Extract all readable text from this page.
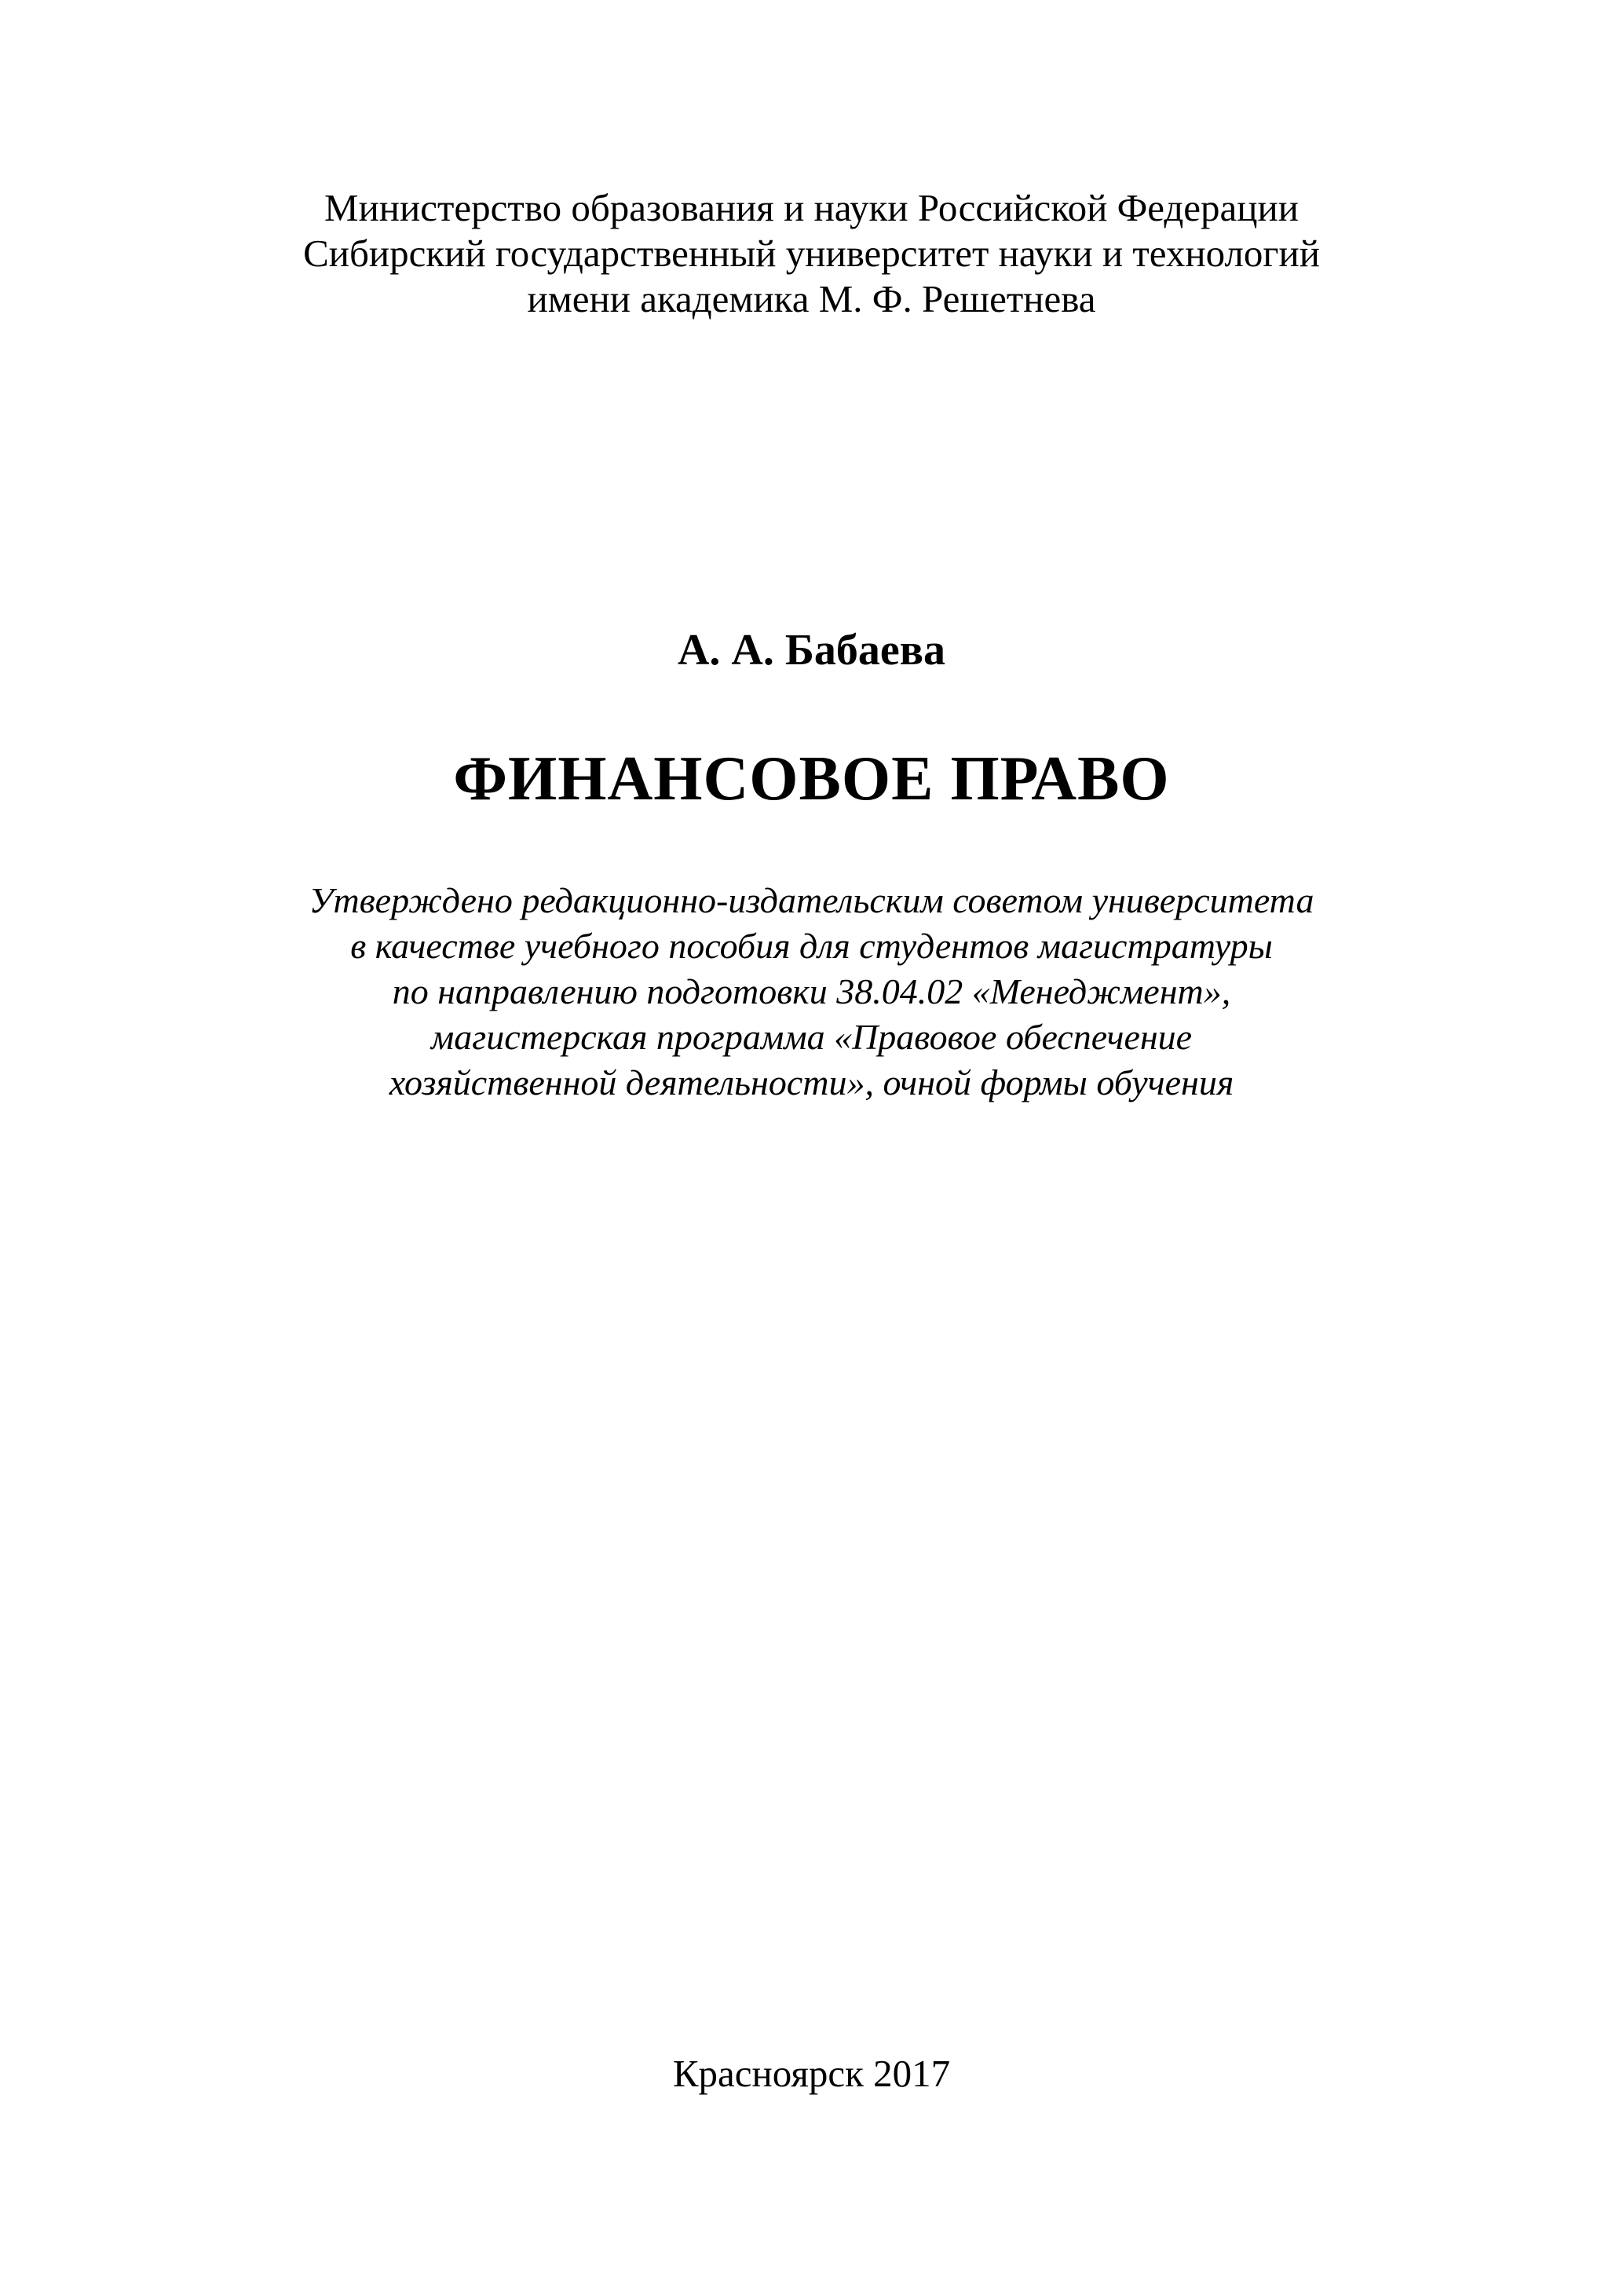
Министерство образования и науки Российской Федерации
Сибирский государственный университет науки и технологий
имени академика М. Ф. Решетнева
А. А. Бабаева
ФИНАНСОВОЕ ПРАВО
Утверждено редакционно-издательским советом университета
в качестве учебного пособия для студентов магистратуры
по направлению подготовки 38.04.02 «Менеджмент»,
магистерская программа «Правовое обеспечение
хозяйственной деятельности», очной формы обучения
Красноярск 2017
